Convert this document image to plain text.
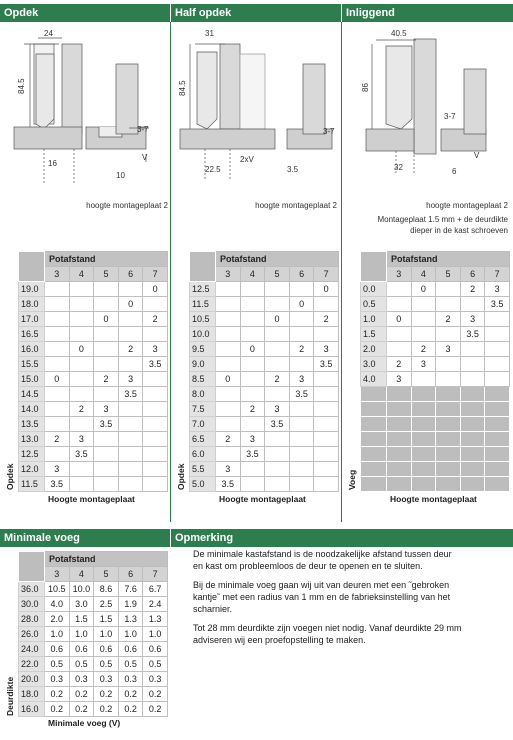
Opdek	Half opdek	Inliggend
24
84.5
3-7
16
V
10
hoogte montageplaat 2
31
84.5
3-7
22.5
2xV
3.5
hoogte montageplaat 2
40.5
86
3-7
32
V
6
hoogte montageplaat 2
Montageplaat 1.5 mm + de deurdikte
dieper in de kast schroeven
	Potafstand				
	3	4	5	6	7
19.0					0
18.0				0	
17.0			0		2
16.5					
16.0		0		2	3
15.5					3.5
15.0	0		2	3	
14.5				3.5	
14.0		2	3		
13.5			3.5		
13.0	2	3			
12.5		3.5			
12.0	3				
11.5	3.5				
Opdek
Hoogte montageplaat
	Potafstand				
	3	4	5	6	7
12.5					0
11.5				0	
10.5			0		2
10.0					
9.5		0		2	3
9.0					3.5
8.5	0		2	3	
8.0				3.5	
7.5		2	3		
7.0			3.5		
6.5	2	3			
6.0		3.5			
5.5	3				
5.0	3.5				
Opdek
Hoogte montageplaat
	Potafstand				
	3	4	5	6	7
0.0		0		2	3
0.5					3.5
1.0	0		2	3	
1.5				3.5	
2.0		2	3		
3.0	2	3			
4.0	3				

Voeg
Hoogte montageplaat
Minimale voeg	Opmerking
	Potafstand				
	3	4	5	6	7
36.0	10.5	10.0	8.6	7.6	6.7
30.0	4.0	3.0	2.5	1.9	2.4
28.0	2.0	1.5	1.5	1.3	1.3
26.0	1.0	1.0	1.0	1.0	1.0
24.0	0.6	0.6	0.6	0.6	0.6
22.0	0.5	0.5	0.5	0.5	0.5
20.0	0.3	0.3	0.3	0.3	0.3
18.0	0.2	0.2	0.2	0.2	0.2
16.0	0.2	0.2	0.2	0.2	0.2
Deurdikte
Minimale voeg (V)

De minimale kastafstand is de noodzakelijke afstand tussen deur en kast om probleemloos de deur te openen en te sluiten.

Bij de minimale voeg gaan wij uit van deuren met een ˜gebroken kantje˜ met een radius van 1 mm en de fabrieksinstelling van het scharnier.

Tot 28 mm deurdikte zijn voegen niet nodig. Vanaf deurdikte 29 mm adviseren wij een proefopstelling te maken.
